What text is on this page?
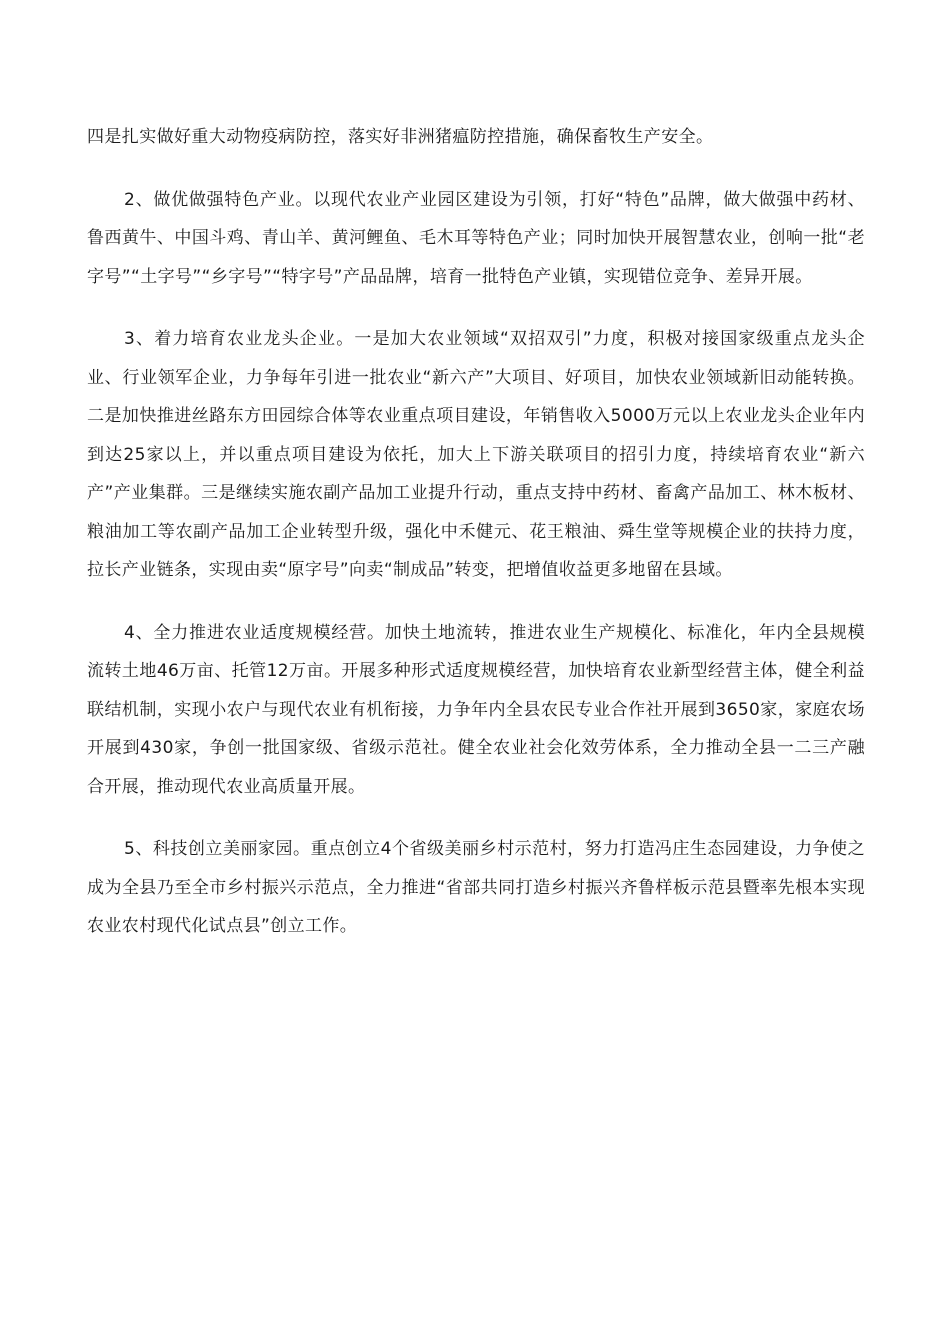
四是扎实做好重大动物疫病防控，落实好非洲猪瘟防控措施，确保畜牧生产安全。

2、做优做强特色产业。以现代农业产业园区建设为引领，打好“特色”品牌，做大做强中药材、鲁西黄牛、中国斗鸡、青山羊、黄河鲤鱼、毛木耳等特色产业；同时加快开展智慧农业，创响一批“老字号”“土字号”“乡字号”“特字号”产品品牌，培育一批特色产业镇，实现错位竞争、差异开展。

3、着力培育农业龙头企业。一是加大农业领域“双招双引”力度，积极对接国家级重点龙头企业、行业领军企业，力争每年引进一批农业“新六产”大项目、好项目，加快农业领域新旧动能转换。二是加快推进丝路东方田园综合体等农业重点项目建设，年销售收入5000万元以上农业龙头企业年内到达25家以上，并以重点项目建设为依托，加大上下游关联项目的招引力度，持续培育农业“新六产”产业集群。三是继续实施农副产品加工业提升行动，重点支持中药材、畜禽产品加工、林木板材、粮油加工等农副产品加工企业转型升级，强化中禾健元、花王粮油、舜生堂等规模企业的扶持力度，拉长产业链条，实现由卖“原字号”向卖“制成品”转变，把增值收益更多地留在县域。

4、全力推进农业适度规模经营。加快土地流转，推进农业生产规模化、标准化，年内全县规模流转土地46万亩、托管12万亩。开展多种形式适度规模经营，加快培育农业新型经营主体，健全利益联结机制，实现小农户与现代农业有机衔接，力争年内全县农民专业合作社开展到3650家，家庭农场开展到430家，争创一批国家级、省级示范社。健全农业社会化效劳体系，全力推动全县一二三产融合开展，推动现代农业高质量开展。

5、科技创立美丽家园。重点创立4个省级美丽乡村示范村，努力打造冯庄生态园建设，力争使之成为全县乃至全市乡村振兴示范点，全力推进“省部共同打造乡村振兴齐鲁样板示范县暨率先根本实现农业农村现代化试点县”创立工作。
